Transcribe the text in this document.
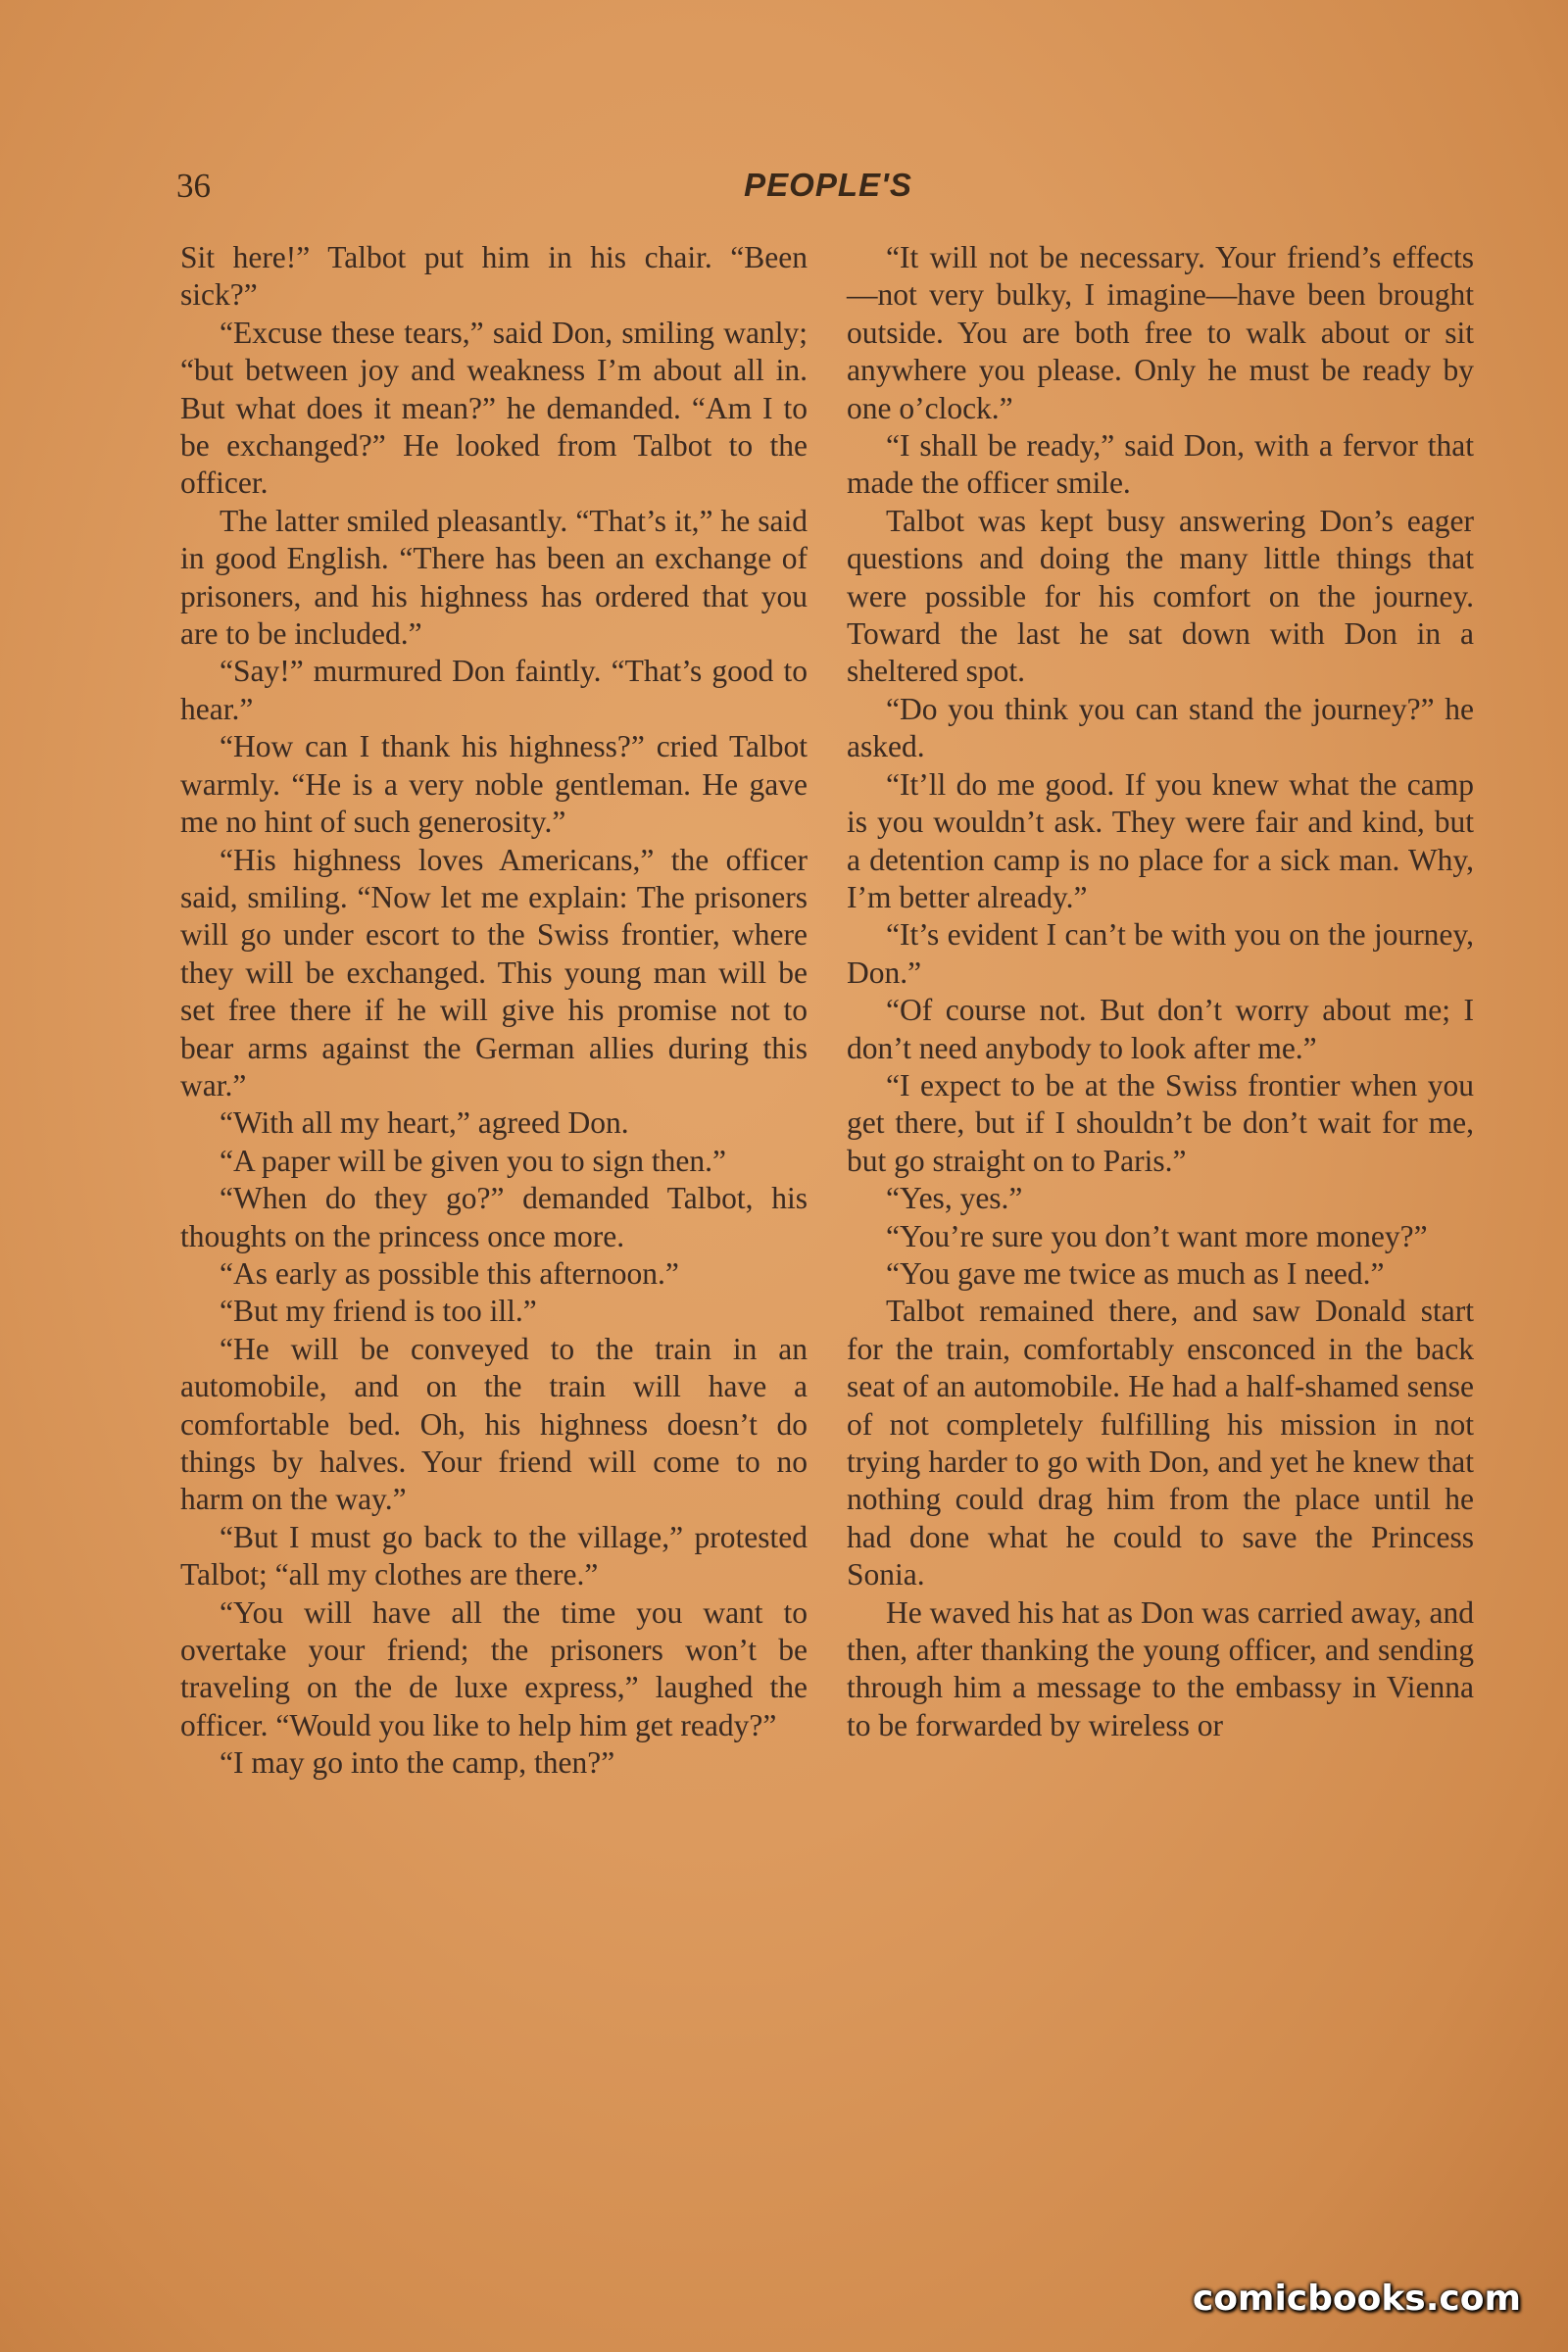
36	PEOPLE'S

Sit here!” Talbot put him in his chair. “Been sick?”

“Excuse these tears,” said Don, smiling wanly; “but between joy and weakness I’m about all in. But what does it mean?” he demanded. “Am I to be exchanged?” He looked from Talbot to the officer.

The latter smiled pleasantly. “That’s it,” he said in good English. “There has been an exchange of prisoners, and his highness has ordered that you are to be included.”

“Say!” murmured Don faintly. “That’s good to hear.”

“How can I thank his highness?” cried Talbot warmly. “He is a very noble gentleman. He gave me no hint of such generosity.”

“His highness loves Americans,” the officer said, smiling. “Now let me explain: The prisoners will go under escort to the Swiss frontier, where they will be exchanged. This young man will be set free there if he will give his promise not to bear arms against the German allies during this war.”

“With all my heart,” agreed Don.

“A paper will be given you to sign then.”

“When do they go?” demanded Talbot, his thoughts on the princess once more.

“As early as possible this afternoon.”

“But my friend is too ill.”

“He will be conveyed to the train in an automobile, and on the train will have a comfortable bed. Oh, his highness doesn’t do things by halves. Your friend will come to no harm on the way.”

“But I must go back to the village,” protested Talbot; “all my clothes are there.”

“You will have all the time you want to overtake your friend; the prisoners won’t be traveling on the de luxe express,” laughed the officer. “Would you like to help him get ready?”

“I may go into the camp, then?”

“It will not be necessary. Your friend’s effects—not very bulky, I imagine—have been brought outside. You are both free to walk about or sit anywhere you please. Only he must be ready by one o’clock.”

“I shall be ready,” said Don, with a fervor that made the officer smile.

Talbot was kept busy answering Don’s eager questions and doing the many little things that were possible for his comfort on the journey. Toward the last he sat down with Don in a sheltered spot.

“Do you think you can stand the journey?” he asked.

“It’ll do me good. If you knew what the camp is you wouldn’t ask. They were fair and kind, but a detention camp is no place for a sick man. Why, I’m better already.”

“It’s evident I can’t be with you on the journey, Don.”

“Of course not. But don’t worry about me; I don’t need anybody to look after me.”

“I expect to be at the Swiss frontier when you get there, but if I shouldn’t be don’t wait for me, but go straight on to Paris.”

“Yes, yes.”

“You’re sure you don’t want more money?”

“You gave me twice as much as I need.”

Talbot remained there, and saw Donald start for the train, comfortably ensconced in the back seat of an automobile. He had a half-shamed sense of not completely fulfilling his mission in not trying harder to go with Don, and yet he knew that nothing could drag him from the place until he had done what he could to save the Princess Sonia.

He waved his hat as Don was carried away, and then, after thanking the young officer, and sending through him a message to the embassy in Vienna to be forwarded by wireless or

comicbooks.com
